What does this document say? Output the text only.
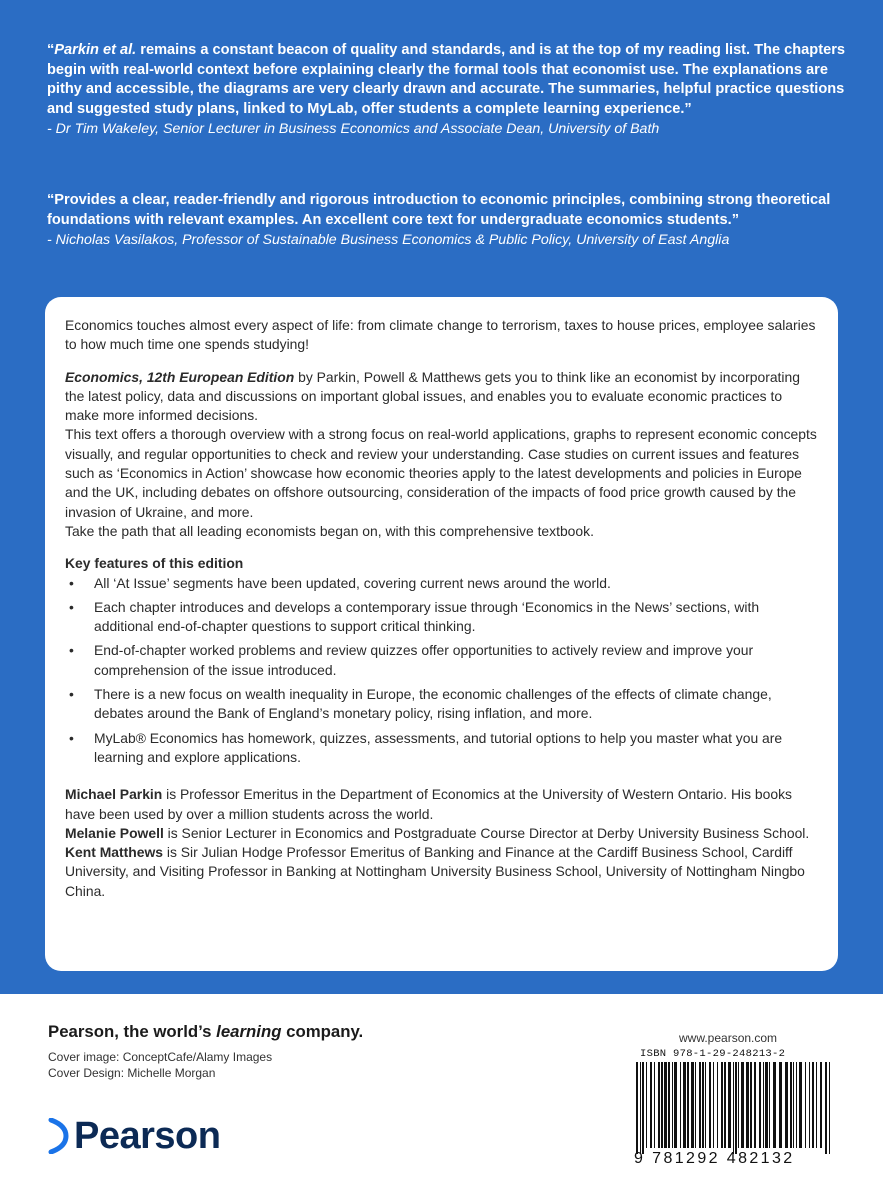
“Parkin et al. remains a constant beacon of quality and standards, and is at the top of my reading list. The chapters begin with real-world context before explaining clearly the formal tools that economist use. The explanations are pithy and accessible, the diagrams are very clearly drawn and accurate. The summaries, helpful practice questions and suggested study plans, linked to MyLab, offer students a complete learning experience.”

- Dr Tim Wakeley, Senior Lecturer in Business Economics and Associate Dean, University of Bath

“Provides a clear, reader-friendly and rigorous introduction to economic principles, combining strong theoretical foundations with relevant examples. An excellent core text for undergraduate economics students.”

- Nicholas Vasilakos, Professor of Sustainable Business Economics & Public Policy, University of East Anglia

Economics touches almost every aspect of life: from climate change to terrorism, taxes to house prices, employee salaries to how much time one spends studying!

Economics, 12th European Edition by Parkin, Powell & Matthews gets you to think like an economist by incorporating the latest policy, data and discussions on important global issues, and enables you to evaluate economic practices to make more informed decisions.

This text offers a thorough overview with a strong focus on real-world applications, graphs to represent economic concepts visually, and regular opportunities to check and review your understanding. Case studies on current issues and features such as ‘Economics in Action’ showcase how economic theories apply to the latest developments and policies in Europe and the UK, including debates on offshore outsourcing, consideration of the impacts of food price growth caused by the invasion of Ukraine, and more.

Take the path that all leading economists began on, with this comprehensive textbook.

Key features of this edition

• All ‘At Issue’ segments have been updated, covering current news around the world.
• Each chapter introduces and develops a contemporary issue through ‘Economics in the News’ sections, with additional end-of-chapter questions to support critical thinking.
• End-of-chapter worked problems and review quizzes offer opportunities to actively review and improve your comprehension of the issue introduced.
• There is a new focus on wealth inequality in Europe, the economic challenges of the effects of climate change, debates around the Bank of England’s monetary policy, rising inflation, and more.
• MyLab® Economics has homework, quizzes, assessments, and tutorial options to help you master what you are learning and explore applications.

Michael Parkin is Professor Emeritus in the Department of Economics at the University of Western Ontario. His books have been used by over a million students across the world.

Melanie Powell is Senior Lecturer in Economics and Postgraduate Course Director at Derby University Business School.

Kent Matthews is Sir Julian Hodge Professor Emeritus of Banking and Finance at the Cardiff Business School, Cardiff University, and Visiting Professor in Banking at Nottingham University Business School, University of Nottingham Ningbo China.

Pearson, the world’s learning company.

Cover image: ConceptCafe/Alamy Images

Cover Design: Michelle Morgan

Pearson

www.pearson.com

ISBN 978-1-29-248213-2

9 781292 482132
